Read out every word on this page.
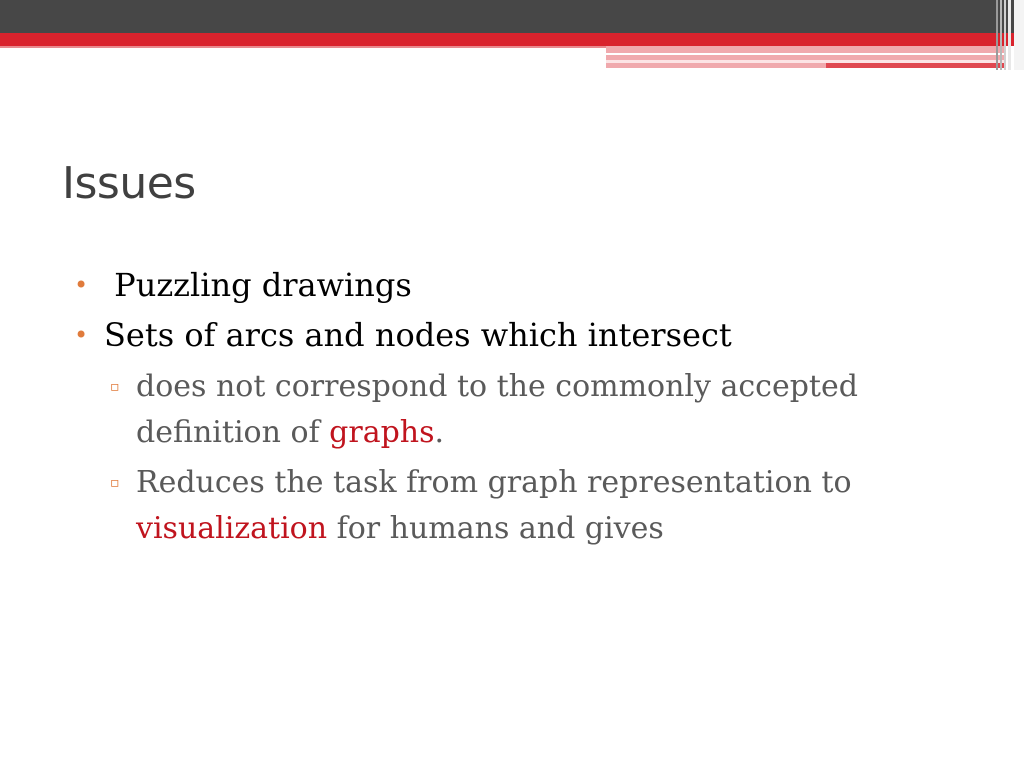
Issues
• Puzzling drawings
• Sets of arcs and nodes which intersect
▫ does not correspond to the commonly accepted definition of graphs.
▫ Reduces the task from graph representation to visualization for humans and gives
